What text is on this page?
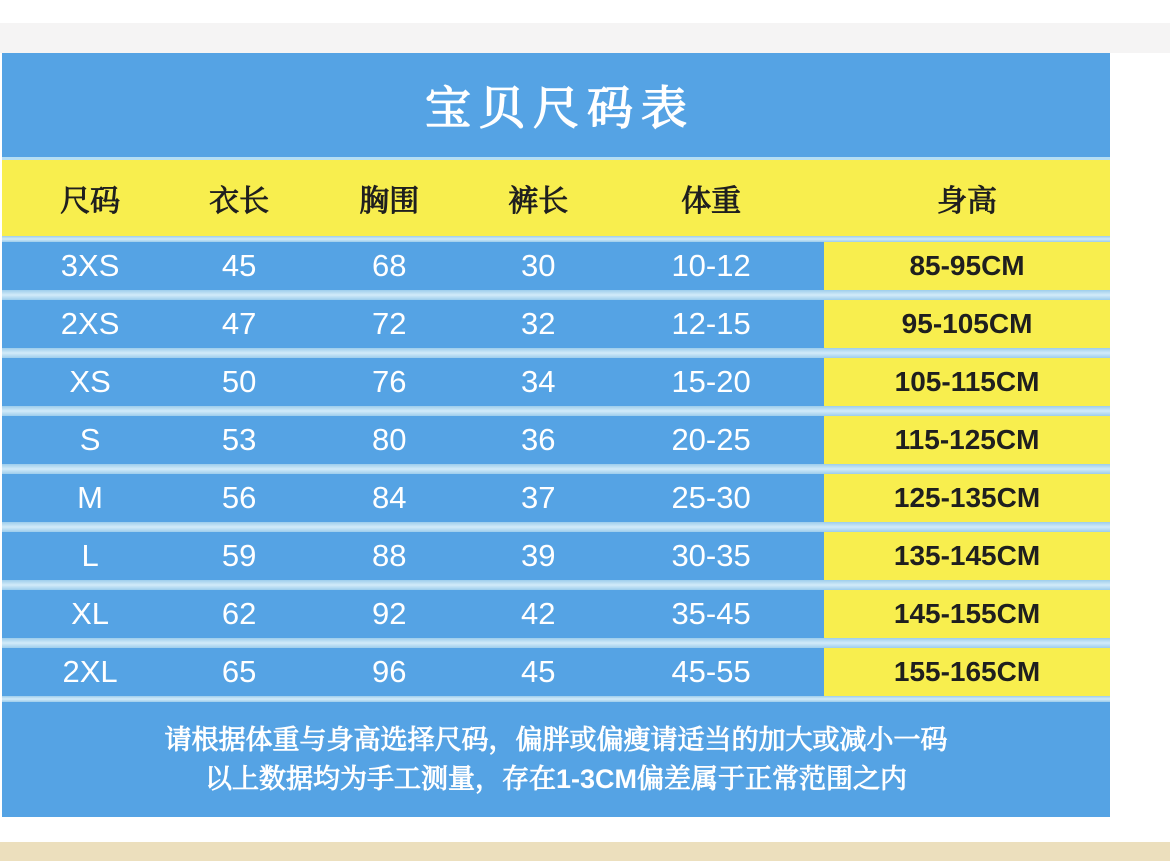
宝贝尺码表
尺码	衣长	胸围	裤长	体重	身高
3XS	45	68	30	10-12	85-95CM
2XS	47	72	32	12-15	95-105CM
XS	50	76	34	15-20	105-115CM
S	53	80	36	20-25	115-125CM
M	56	84	37	25-30	125-135CM
L	59	88	39	30-35	135-145CM
XL	62	92	42	35-45	145-155CM
2XL	65	96	45	45-55	155-165CM
请根据体重与身高选择尺码，偏胖或偏瘦请适当的加大或减小一码
以上数据均为手工测量，存在1-3CM偏差属于正常范围之内
